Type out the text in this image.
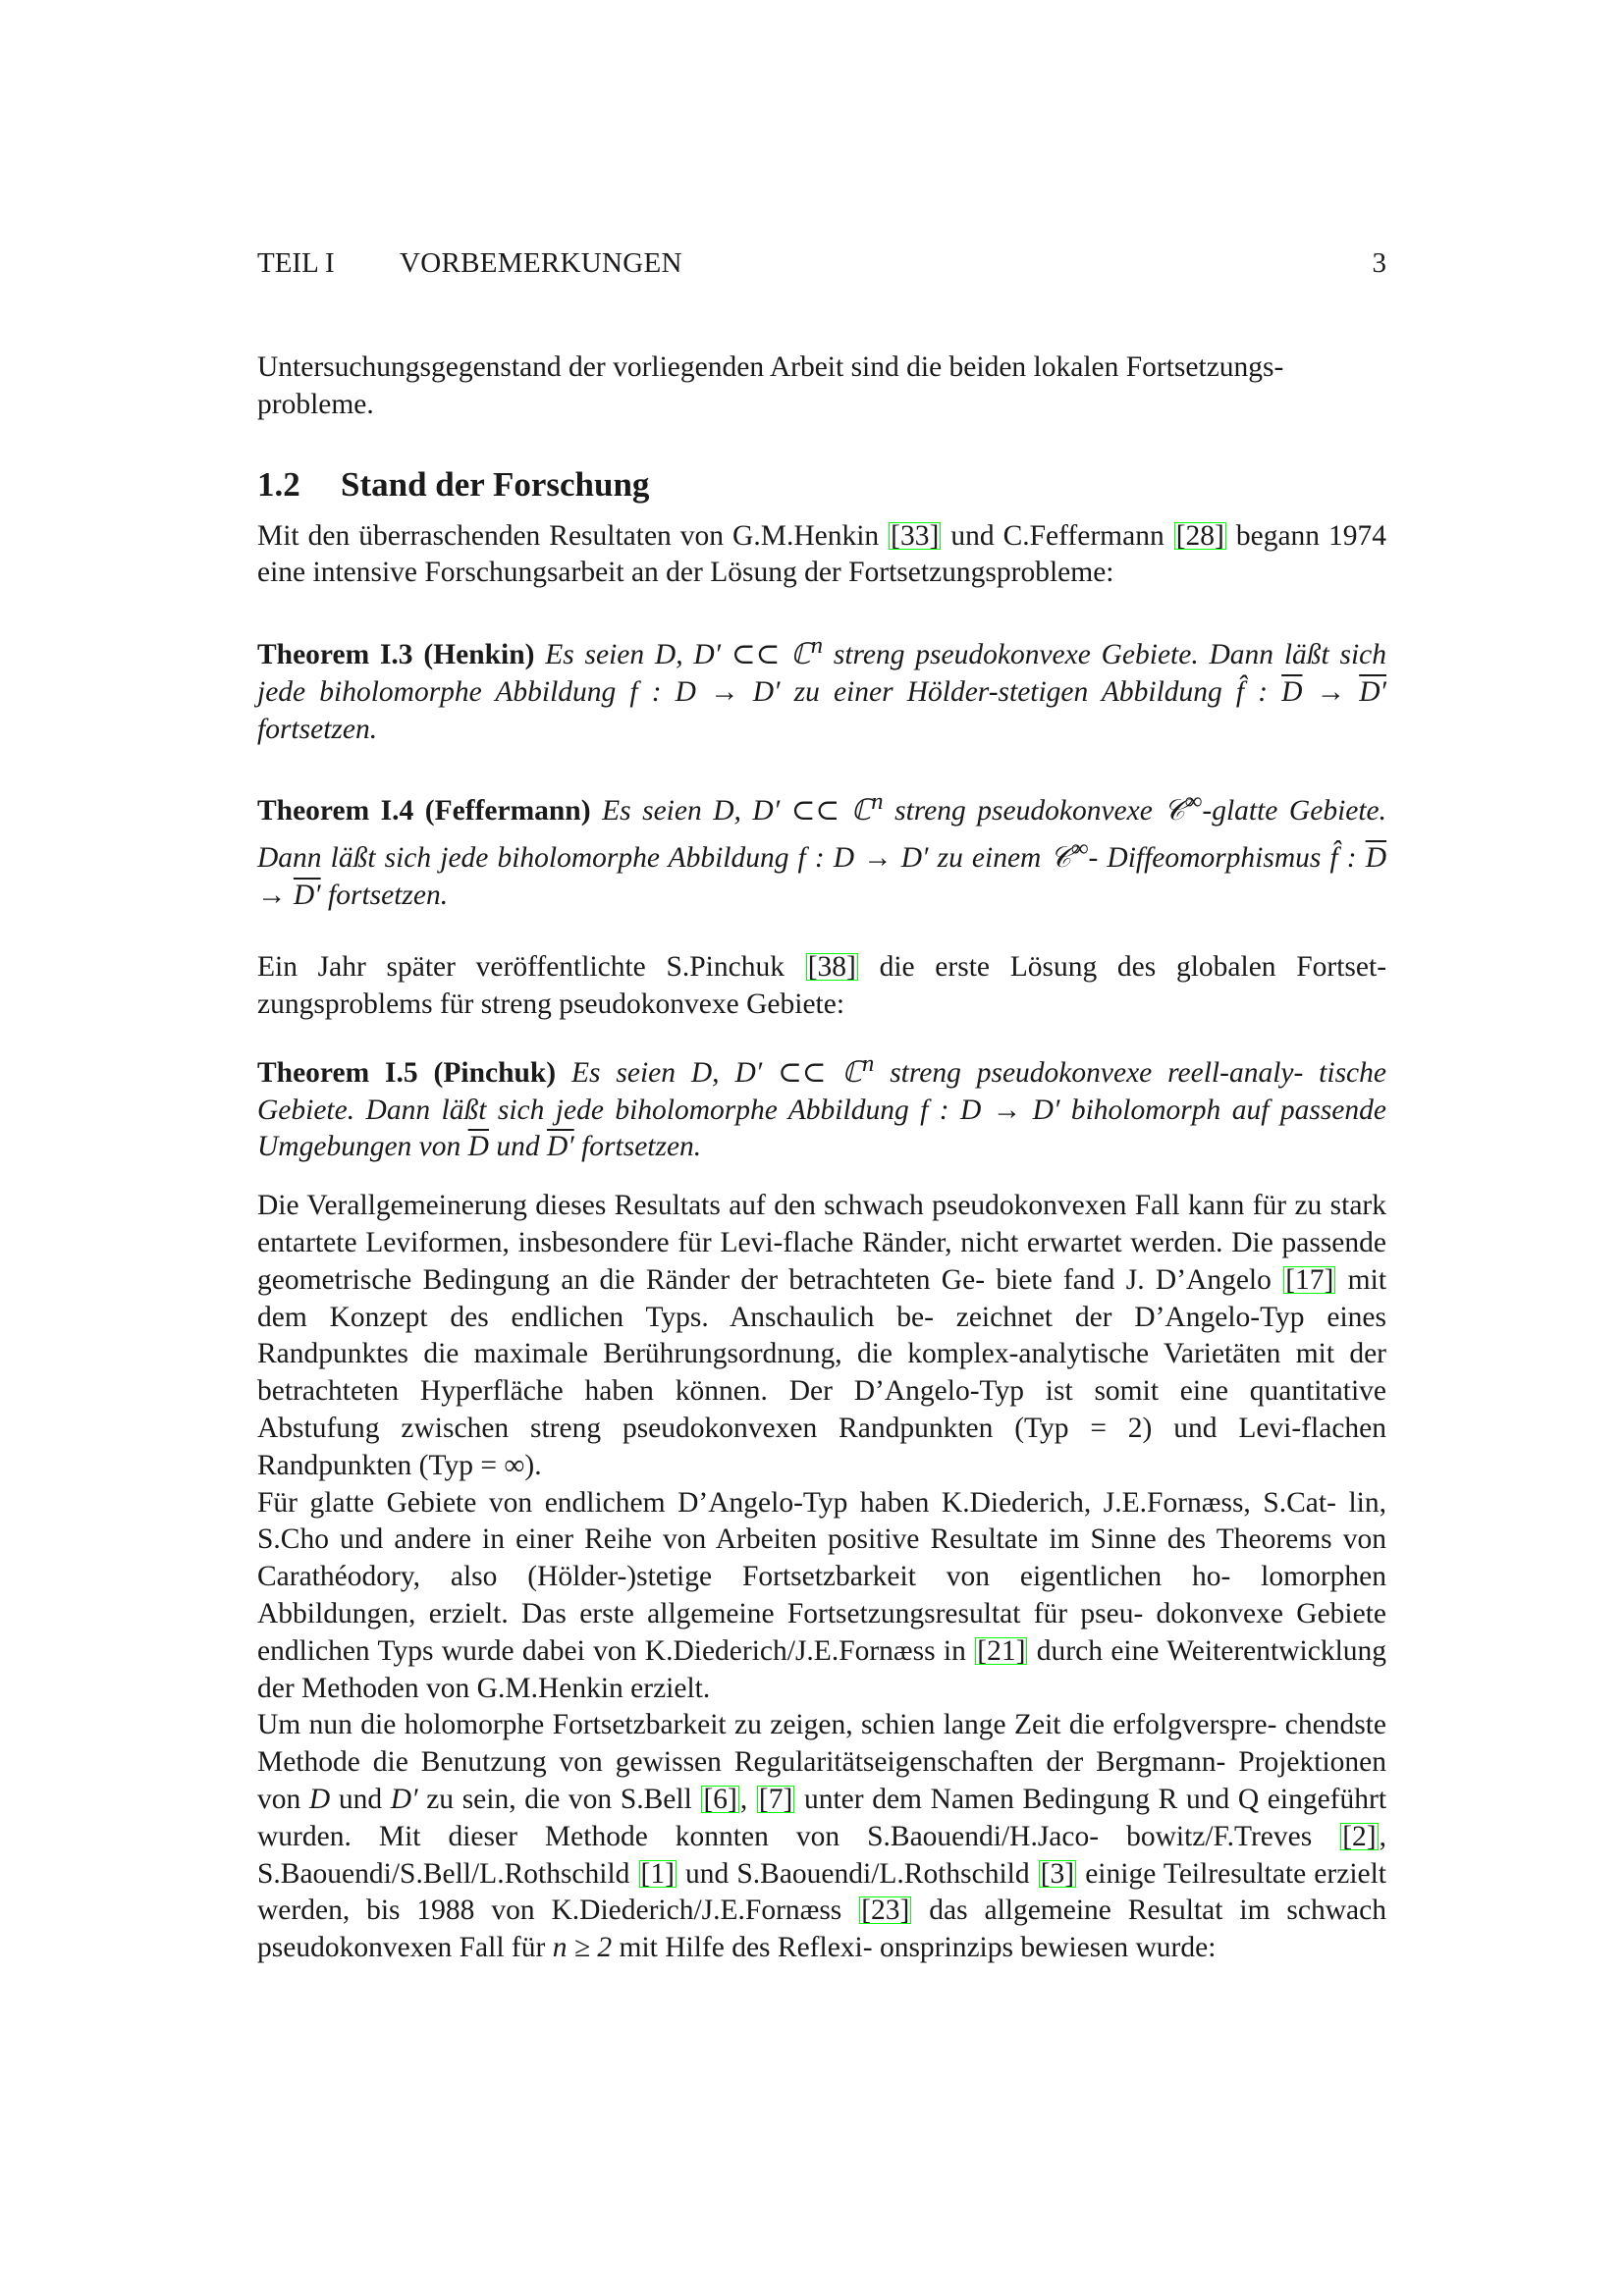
TEIL I VORBEMERKUNGEN	3

Untersuchungsgegenstand der vorliegenden Arbeit sind die beiden lokalen Fortsetzungs- probleme.

1.2 Stand der Forschung

Mit den überraschenden Resultaten von G.M.Henkin [33] und C.Feffermann [28] begann 1974 eine intensive Forschungsarbeit an der Lösung der Fortsetzungsprobleme:

Theorem I.3 (Henkin) Es seien D, D′ ⊂⊂ ℂ$^n$ streng pseudokonvexe Gebiete. Dann läßt sich jede biholomorphe Abbildung f : D → D′ zu einer Hölder-stetigen Abbildung f̂ : $\overline{D} \to D'$ fortsetzen.

Theorem I.4 (Feffermann) Es seien D, D′ ⊂⊂ ℂ$^n$ streng pseudokonvexe 𝒞∞-glatte Gebiete. Dann läßt sich jede biholomorphe Abbildung f : D → D′ zu einem 𝒞∞- Diffeomorphismus f̂ : $\overline{D} \to D'$ fortsetzen.

Ein Jahr später veröffentlichte S.Pinchuk [38] die erste Lösung des globalen Fortset- zungsproblems für streng pseudokonvexe Gebiete:

Theorem I.5 (Pinchuk) Es seien D, D′ ⊂⊂ ℂ$^n$ streng pseudokonvexe reell-analy- tische Gebiete. Dann läßt sich jede biholomorphe Abbildung f : D → D′ biholomorph auf passende Umgebungen von $\overline{D}$ und D′ fortsetzen.

Die Verallgemeinerung dieses Resultats auf den schwach pseudokonvexen Fall kann für zu stark entartete Leviformen, insbesondere für Levi-flache Ränder, nicht erwartet werden. Die passende geometrische Bedingung an die Ränder der betrachteten Ge- biete fand J. D’Angelo [17] mit dem Konzept des endlichen Typs. Anschaulich be- zeichnet der D’Angelo-Typ eines Randpunktes die maximale Berührungsordnung, die komplex-analytische Varietäten mit der betrachteten Hyperfläche haben können. Der D’Angelo-Typ ist somit eine quantitative Abstufung zwischen streng pseudokonvexen Randpunkten (Typ = 2) und Levi-flachen Randpunkten (Typ = ∞).

Für glatte Gebiete von endlichem D’Angelo-Typ haben K.Diederich, J.E.Fornæss, S.Cat- lin, S.Cho und andere in einer Reihe von Arbeiten positive Resultate im Sinne des Theorems von Carathéodory, also (Hölder-)stetige Fortsetzbarkeit von eigentlichen ho- lomorphen Abbildungen, erzielt. Das erste allgemeine Fortsetzungsresultat für pseu- dokonvexe Gebiete endlichen Typs wurde dabei von K.Diederich/J.E.Fornæss in [21] durch eine Weiterentwicklung der Methoden von G.M.Henkin erzielt.

Um nun die holomorphe Fortsetzbarkeit zu zeigen, schien lange Zeit die erfolgverspre- chendste Methode die Benutzung von gewissen Regularitätseigenschaften der Bergmann- Projektionen von D und D′ zu sein, die von S.Bell [6] , [7] unter dem Namen Bedingung R und Q eingeführt wurden. Mit dieser Methode konnten von S.Baouendi/H.Jaco- bowitz/F.Treves [2] , S.Baouendi/S.Bell/L.Rothschild [1] und S.Baouendi/L.Rothschild [3] einige Teilresultate erzielt werden, bis 1988 von K.Diederich/J.E.Fornæss [23] das allgemeine Resultat im schwach pseudokonvexen Fall für n ≥ 2 mit Hilfe des Reflexi- onsprinzips bewiesen wurde:
